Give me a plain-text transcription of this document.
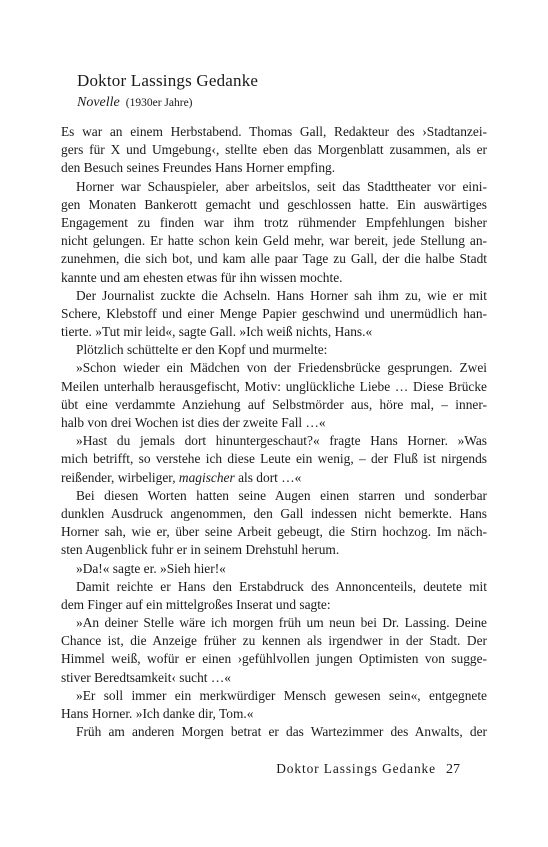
Doktor Lassings Gedanke
Novelle (1930er Jahre)
Es war an einem Herbstabend. Thomas Gall, Redakteur des ›Stadtanzei-
gers für X und Umgebung‹, stellte eben das Morgenblatt zusammen, als er
den Besuch seines Freundes Hans Horner empfing.
Horner war Schauspieler, aber arbeitslos, seit das Stadttheater vor eini-
gen Monaten Bankerott gemacht und geschlossen hatte. Ein auswärtiges
Engagement zu finden war ihm trotz rühmender Empfehlungen bisher
nicht gelungen. Er hatte schon kein Geld mehr, war bereit, jede Stellung an-
zunehmen, die sich bot, und kam alle paar Tage zu Gall, der die halbe Stadt
kannte und am ehesten etwas für ihn wissen mochte.
Der Journalist zuckte die Achseln. Hans Horner sah ihm zu, wie er mit
Schere, Klebstoff und einer Menge Papier geschwind und unermüdlich han-
tierte. »Tut mir leid«, sagte Gall. »Ich weiß nichts, Hans.«
Plötzlich schüttelte er den Kopf und murmelte:
»Schon wieder ein Mädchen von der Friedensbrücke gesprungen. Zwei
Meilen unterhalb herausgefischt, Motiv: unglückliche Liebe … Diese Brücke
übt eine verdammte Anziehung auf Selbstmörder aus, höre mal, – inner-
halb von drei Wochen ist dies der zweite Fall …«
»Hast du jemals dort hinuntergeschaut?« fragte Hans Horner. »Was
mich betrifft, so verstehe ich diese Leute ein wenig, – der Fluß ist nirgends
reißender, wirbeliger, magischer als dort …«
Bei diesen Worten hatten seine Augen einen starren und sonderbar
dunklen Ausdruck angenommen, den Gall indessen nicht bemerkte. Hans
Horner sah, wie er, über seine Arbeit gebeugt, die Stirn hochzog. Im näch-
sten Augenblick fuhr er in seinem Drehstuhl herum.
»Da!« sagte er. »Sieh hier!«
Damit reichte er Hans den Erstabdruck des Annoncenteils, deutete mit
dem Finger auf ein mittelgroßes Inserat und sagte:
»An deiner Stelle wäre ich morgen früh um neun bei Dr. Lassing. Deine
Chance ist, die Anzeige früher zu kennen als irgendwer in der Stadt. Der
Himmel weiß, wofür er einen ›gefühlvollen jungen Optimisten von sugge-
stiver Beredtsamkeit‹ sucht …«
»Er soll immer ein merkwürdiger Mensch gewesen sein«, entgegnete
Hans Horner. »Ich danke dir, Tom.«
Früh am anderen Morgen betrat er das Wartezimmer des Anwalts, der
Doktor Lassings Gedanke 27
